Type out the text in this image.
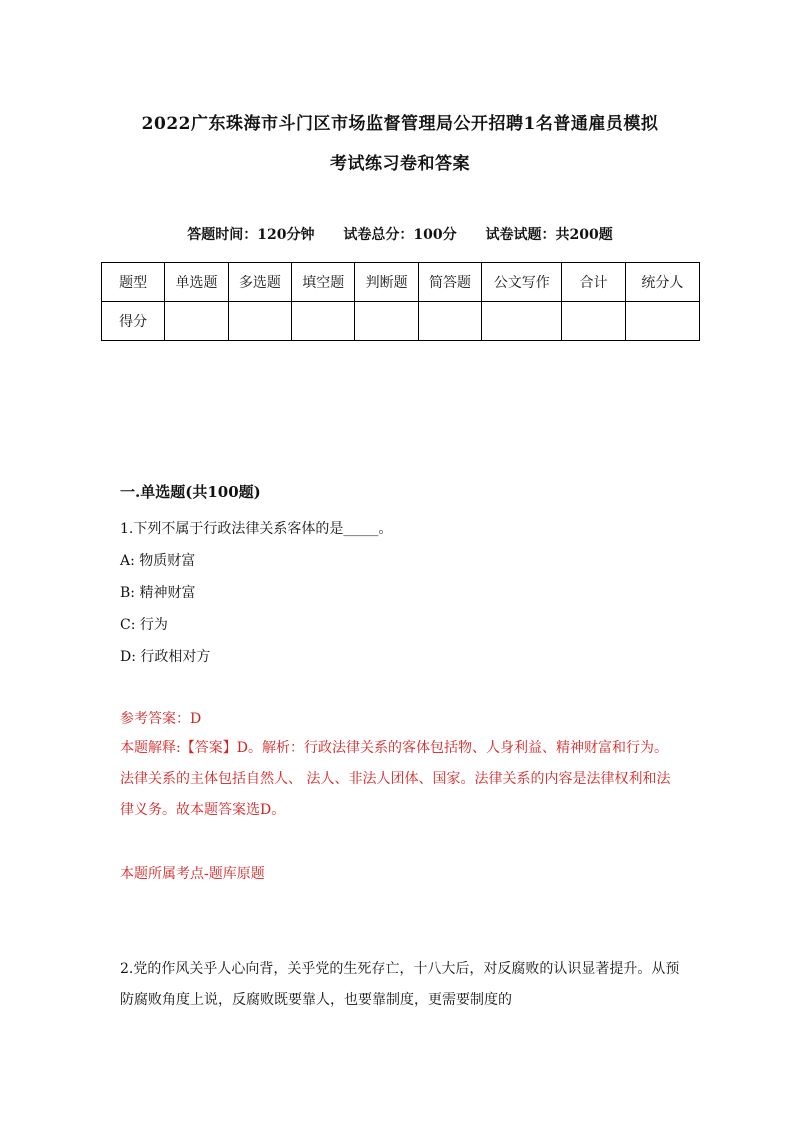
2022广东珠海市斗门区市场监督管理局公开招聘1名普通雇员模拟
考试练习卷和答案
答题时间：120分钟 试卷总分：100分 试卷试题：共200题
题型	单选题	多选题	填空题	判断题	简答题	公文写作	合计	统分人
得分								
一.单选题(共100题)
1.下列不属于行政法律关系客体的是_____。
A: 物质财富
B: 精神财富
C: 行为
D: 行政相对方
参考答案：D
本题解释:【答案】D。解析：行政法律关系的客体包括物、人身利益、精神财富和行为。法律关系的主体包括自然人、 法人、非法人团体、国家。法律关系的内容是法律权利和法律义务。故本题答案选D。
本题所属考点-题库原题
2.党的作风关乎人心向背，关乎党的生死存亡，十八大后，对反腐败的认识显著提升。从预防腐败角度上说，反腐败既要靠人，也要靠制度，更需要制度的
